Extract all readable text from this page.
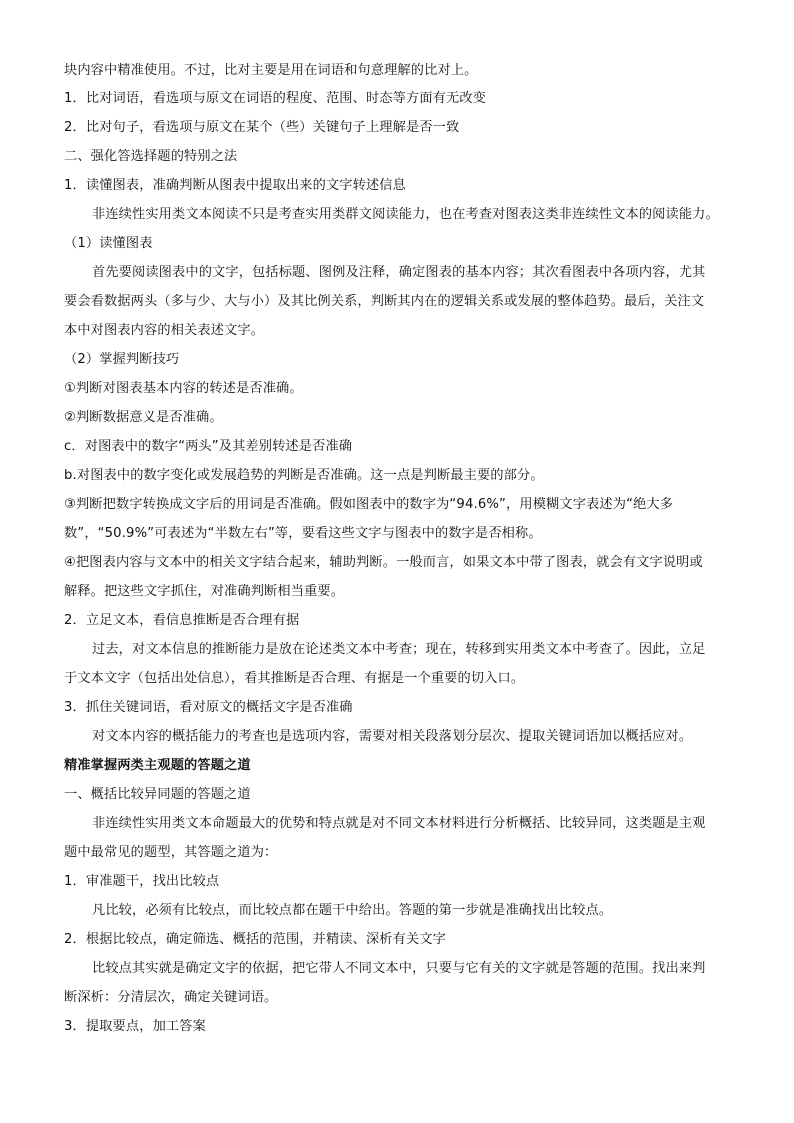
块内容中精准使用。不过，比对主要是用在词语和句意理解的比对上。
1．比对词语，看选项与原文在词语的程度、范围、时态等方面有无改变
2．比对句子，看选项与原文在某个（些）关键句子上理解是否一致
二、强化答选择题的特别之法
1．读懂图表，准确判断从图表中提取出来的文字转述信息
非连续性实用类文本阅读不只是考查实用类群文阅读能力，也在考查对图表这类非连续性文本的阅读能力。
（1）读懂图表
首先要阅读图表中的文字，包括标题、图例及注释，确定图表的基本内容；其次看图表中各项内容，尤其
要会看数据两头（多与少、大与小）及其比例关系，判断其内在的逻辑关系或发展的整体趋势。最后，关注文
本中对图表内容的相关表述文字。
（2）掌握判断技巧
①判断对图表基本内容的转述是否准确。
②判断数据意义是否准确。
c．对图表中的数字“两头”及其差别转述是否准确
b.对图表中的数字变化或发展趋势的判断是否准确。这一点是判断最主要的部分。
③判断把数字转换成文字后的用词是否准确。假如图表中的数字为“94.6%”，用模糊文字表述为“绝大多
数”，“50.9%”可表述为“半数左右”等，要看这些文字与图表中的数字是否相称。
④把图表内容与文本中的相关文字结合起来，辅助判断。一般而言，如果文本中带了图表，就会有文字说明或
解释。把这些文字抓住，对准确判断相当重要。
2．立足文本，看信息推断是否合理有据
过去，对文本信息的推断能力是放在论述类文本中考查；现在，转移到实用类文本中考查了。因此，立足
于文本文字（包括出处信息），看其推断是否合理、有据是一个重要的切入口。
3．抓住关键词语，看对原文的概括文字是否准确
对文本内容的概括能力的考查也是选项内容，需要对相关段落划分层次、提取关键词语加以概括应对。
精准掌握两类主观题的答题之道
一、概括比较异同题的答题之道
非连续性实用类文本命题最大的优势和特点就是对不同文本材料进行分析概括、比较异同，这类题是主观
题中最常见的题型，其答题之道为：
1．审准题干，找出比较点
凡比较，必须有比较点，而比较点都在题干中给出。答题的第一步就是准确找出比较点。
2．根据比较点，确定筛选、概括的范围，并精读、深析有关文字
比较点其实就是确定文字的依据，把它带人不同文本中，只要与它有关的文字就是答题的范围。找出来判
断深析：分清层次，确定关键词语。
3．提取要点，加工答案
